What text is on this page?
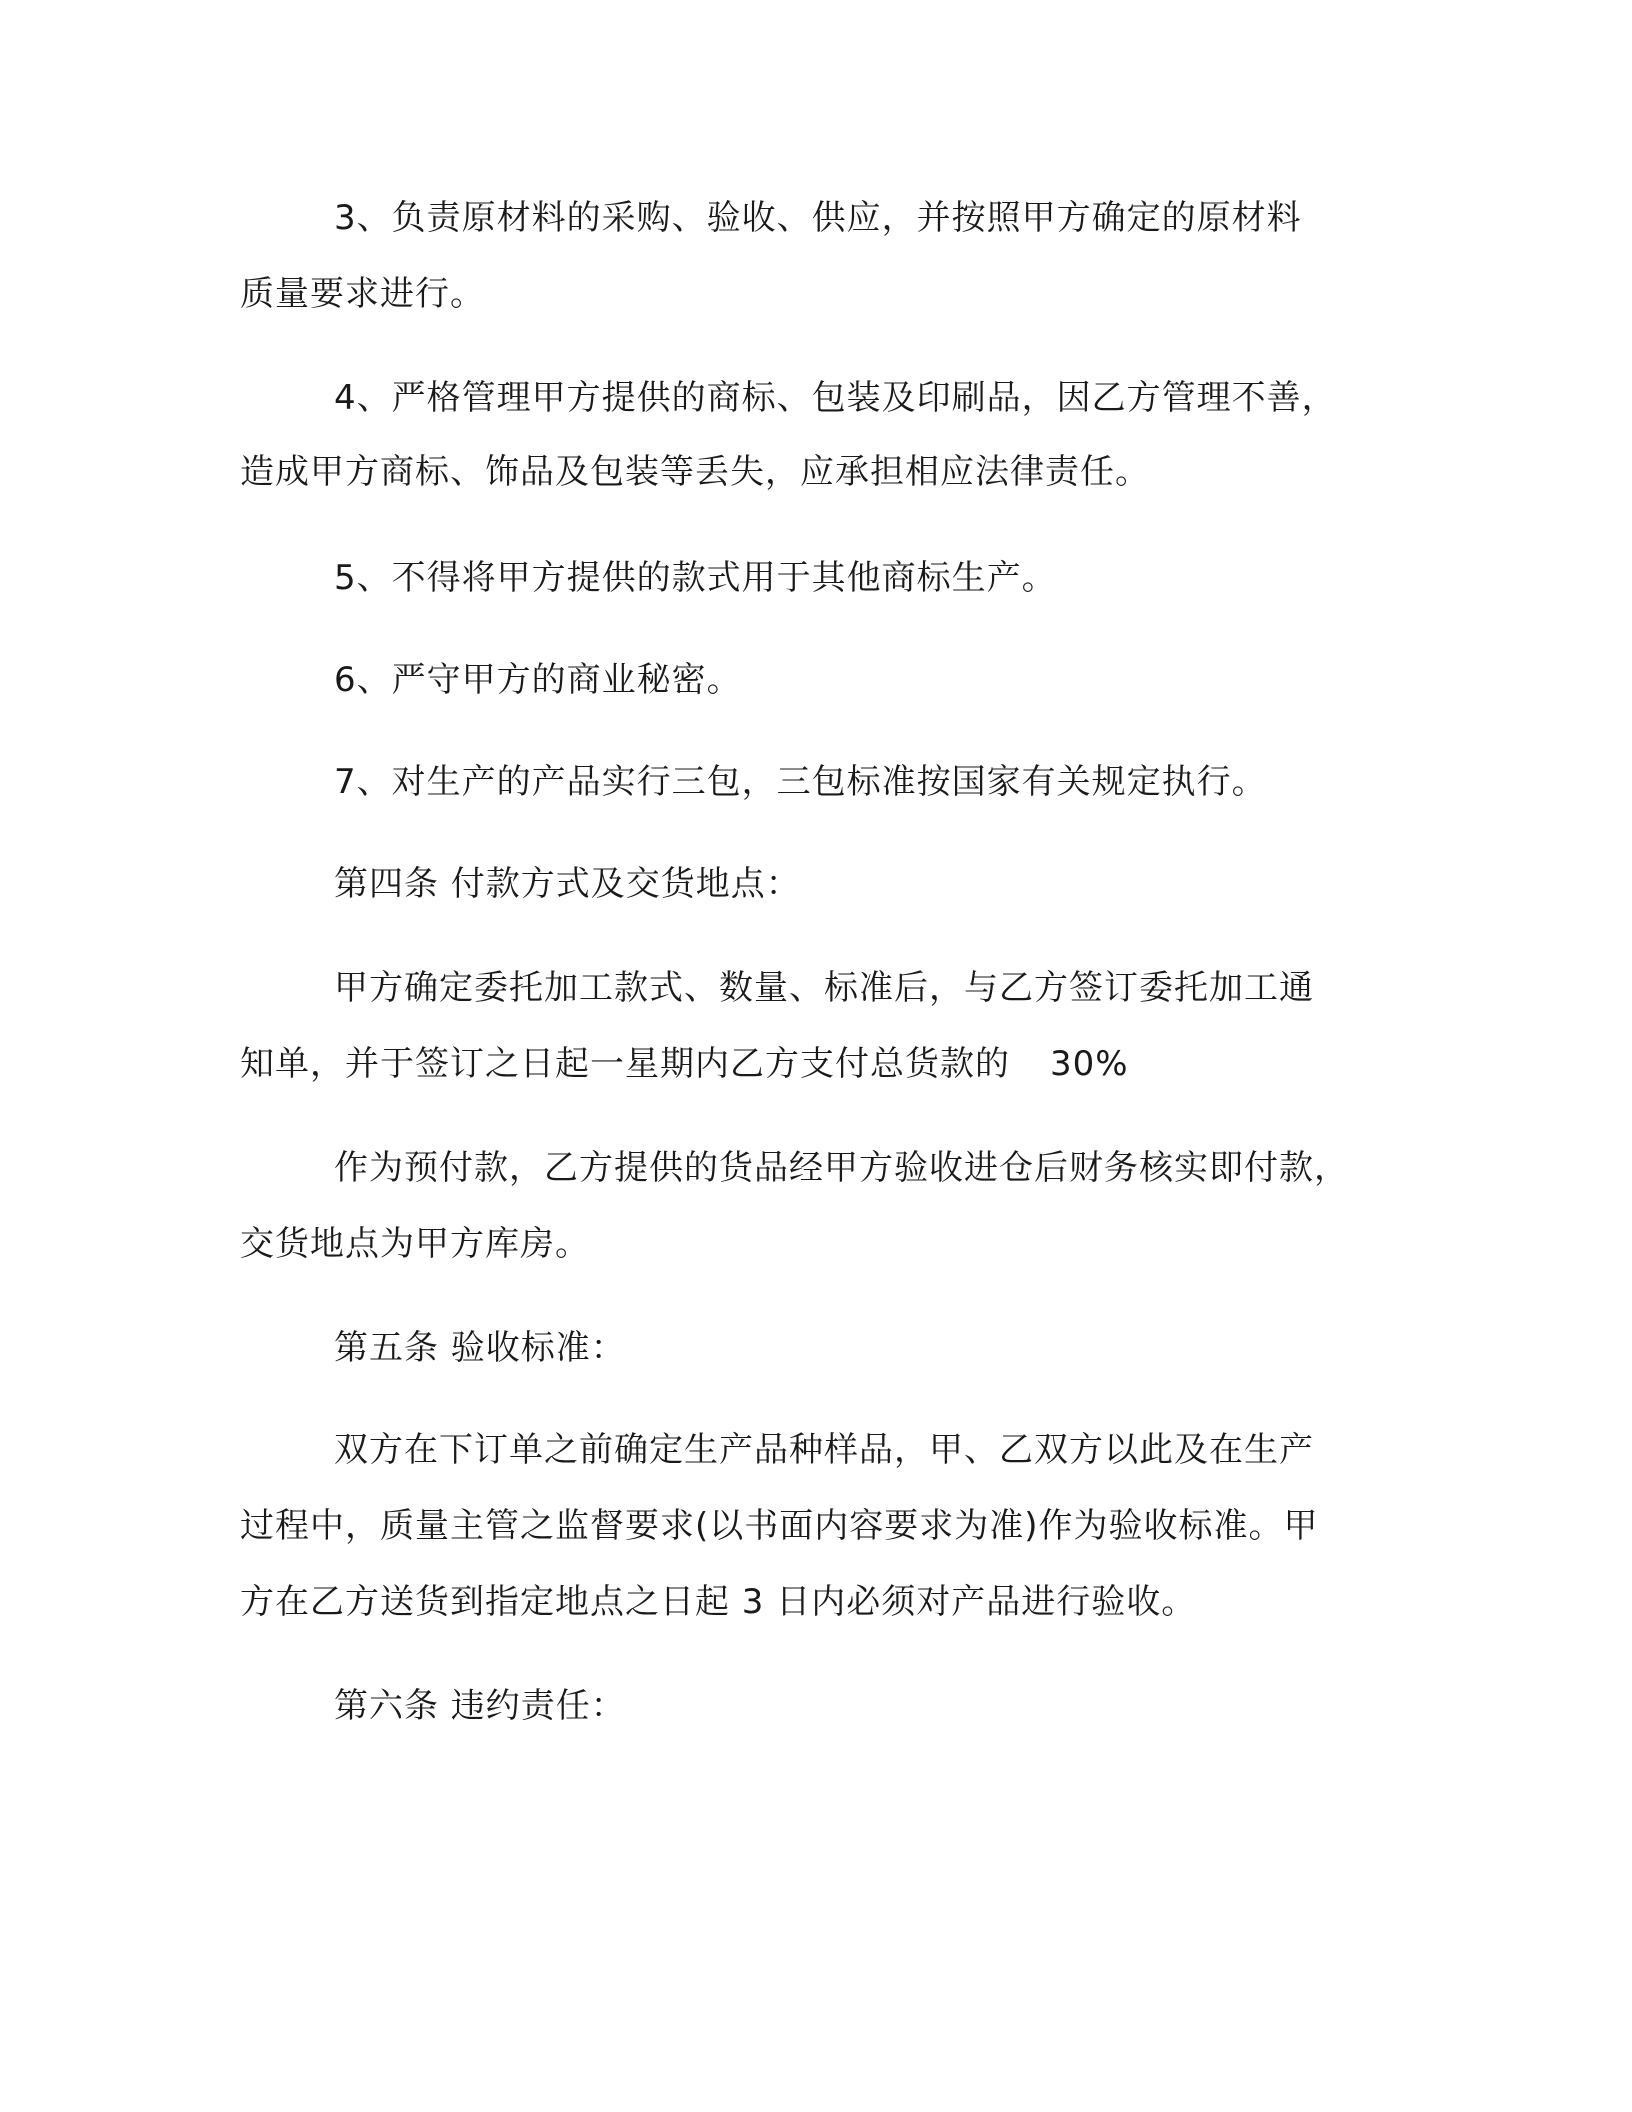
3、负责原材料的采购、验收、供应，并按照甲方确定的原材料
质量要求进行。
4、严格管理甲方提供的商标、包装及印刷品，因乙方管理不善，
造成甲方商标、饰品及包装等丢失，应承担相应法律责任。
5、不得将甲方提供的款式用于其他商标生产。
6、严守甲方的商业秘密。
7、对生产的产品实行三包，三包标准按国家有关规定执行。
第四条 付款方式及交货地点：
甲方确定委托加工款式、数量、标准后，与乙方签订委托加工通
知单，并于签订之日起一星期内乙方支付总货款的 30%
作为预付款，乙方提供的货品经甲方验收进仓后财务核实即付款，
交货地点为甲方库房。
第五条 验收标准：
双方在下订单之前确定生产品种样品，甲、乙双方以此及在生产
过程中，质量主管之监督要求(以书面内容要求为准)作为验收标准。甲
方在乙方送货到指定地点之日起 3 日内必须对产品进行验收。
第六条 违约责任：
